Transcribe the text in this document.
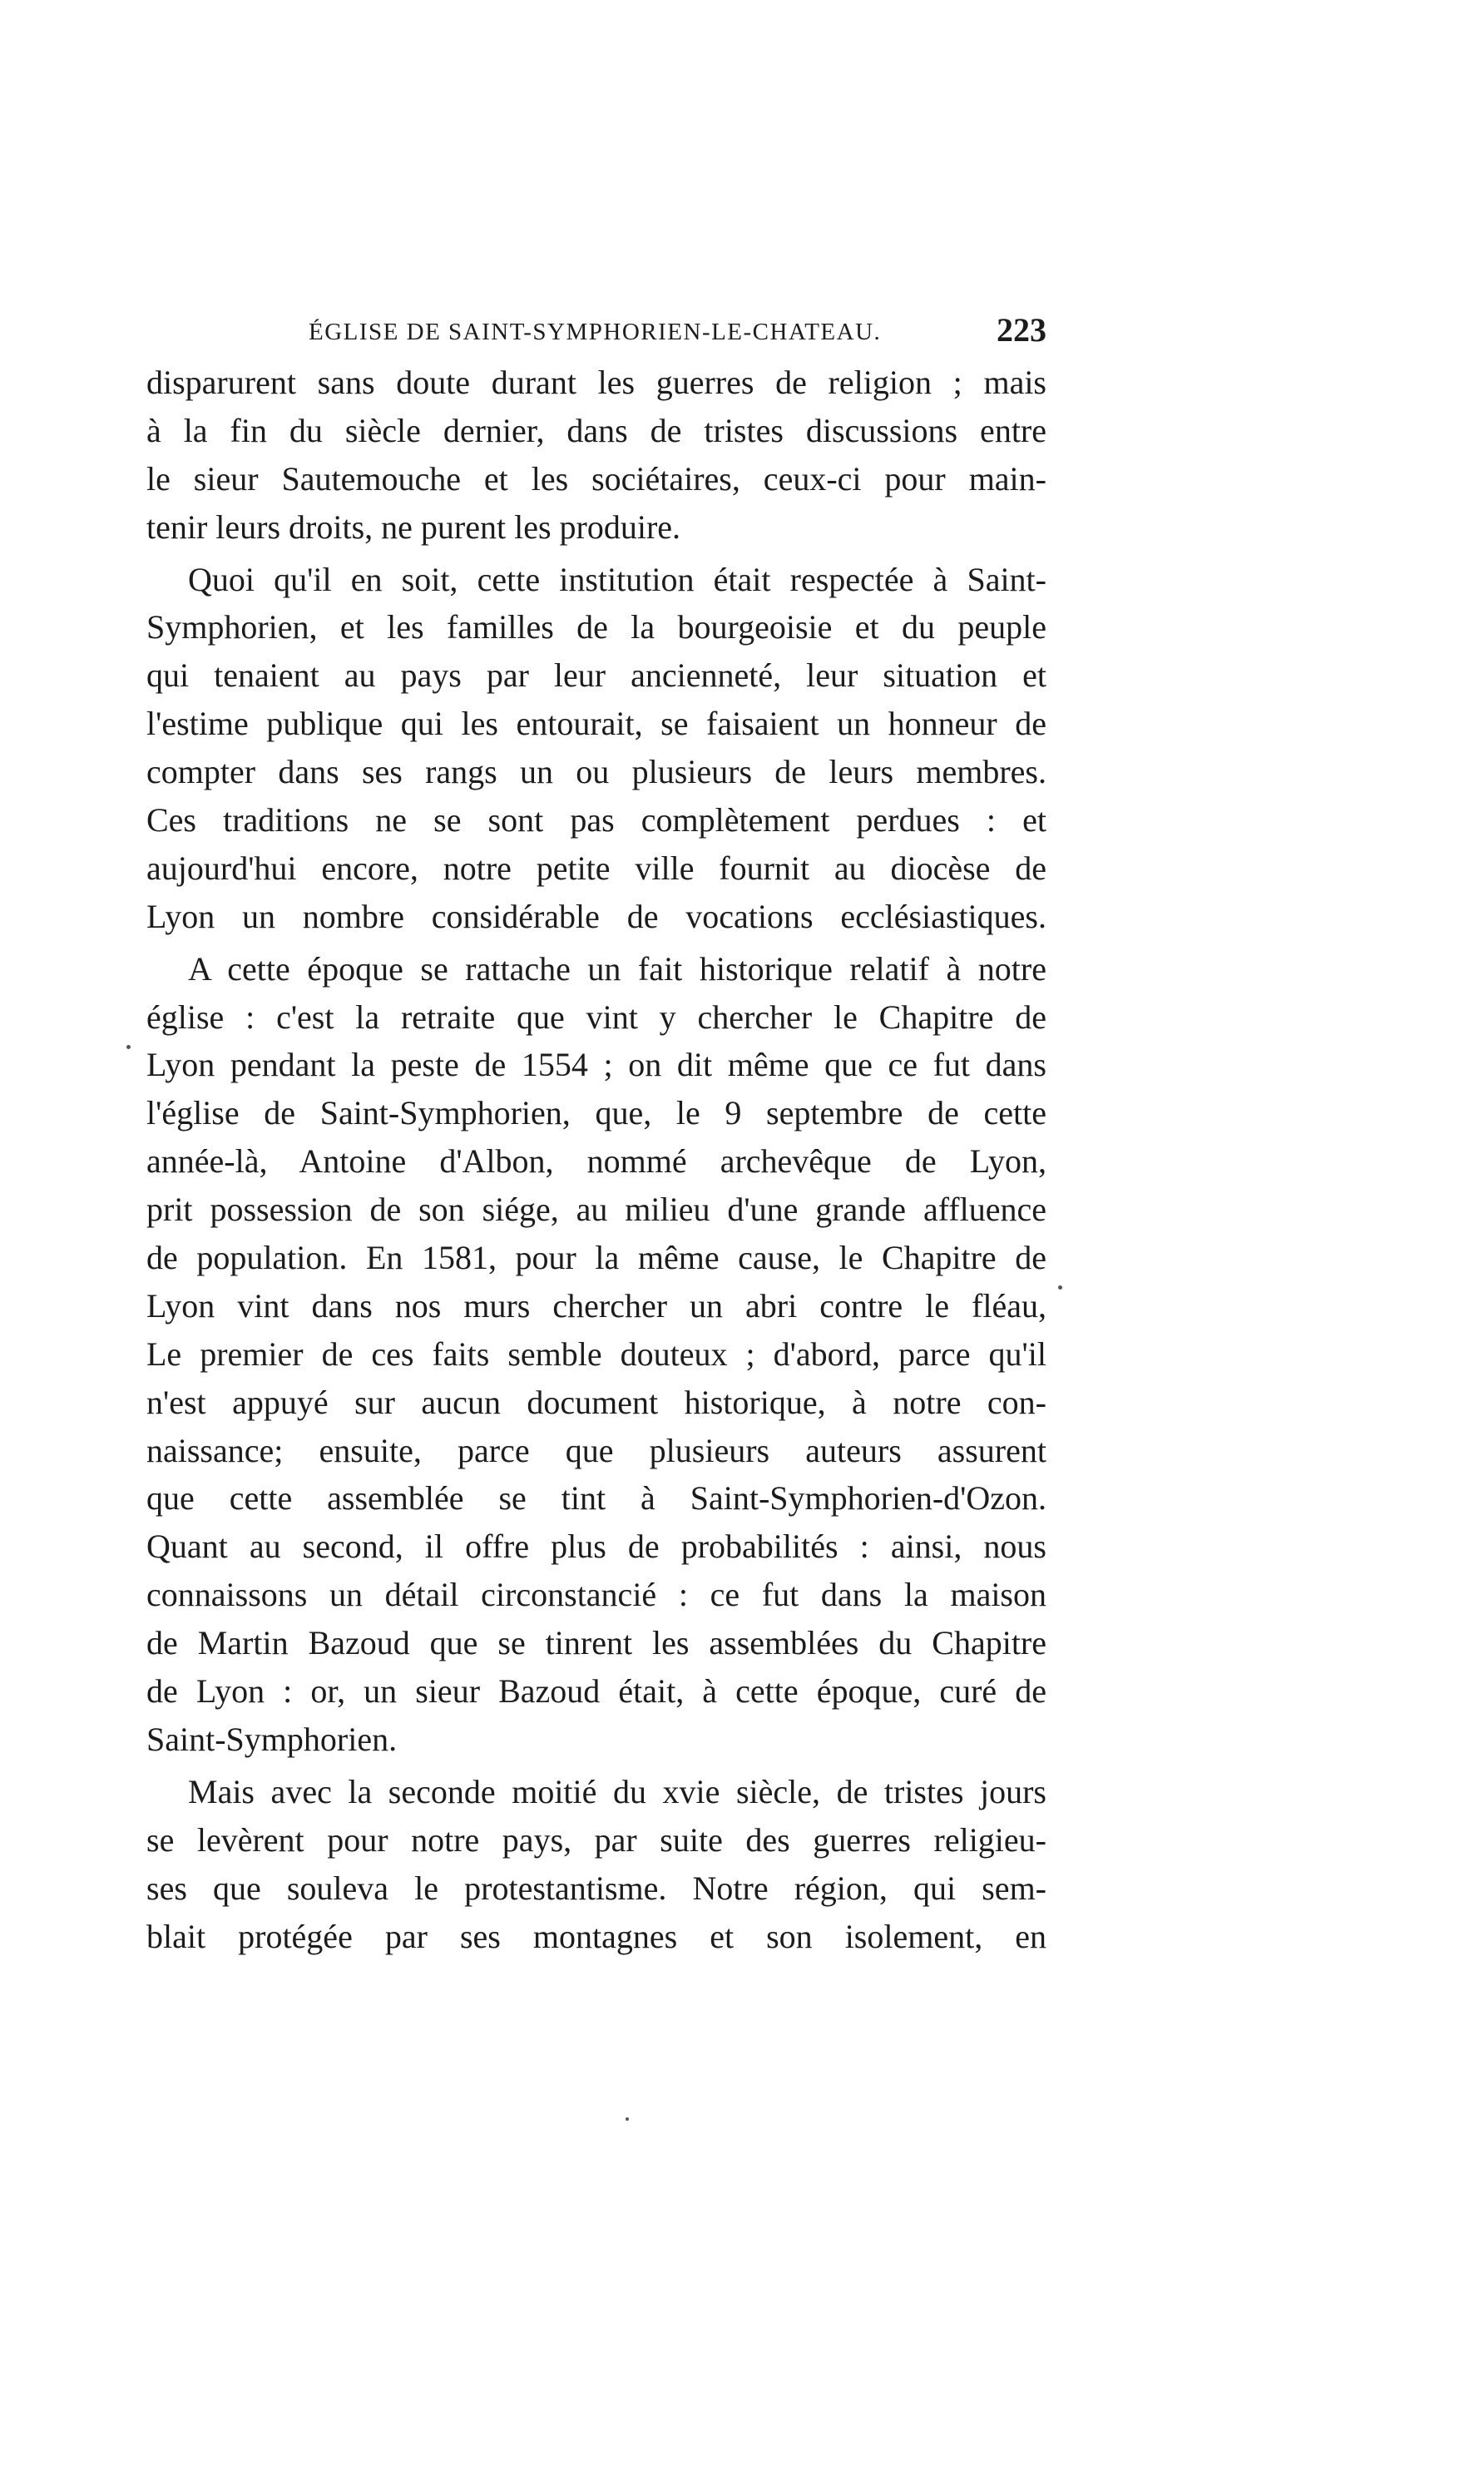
ÉGLISE DE SAINT-SYMPHORIEN-LE-CHATEAU.	223
disparurent sans doute durant les guerres de religion ; mais
à la fin du siècle dernier, dans de tristes discussions entre
le sieur Sautemouche et les sociétaires, ceux-ci pour main-
tenir leurs droits, ne purent les produire.
Quoi qu'il en soit, cette institution était respectée à Saint-
Symphorien, et les familles de la bourgeoisie et du peuple
qui tenaient au pays par leur ancienneté, leur situation et
l'estime publique qui les entourait, se faisaient un honneur de
compter dans ses rangs un ou plusieurs de leurs membres.
Ces traditions ne se sont pas complètement perdues : et
aujourd'hui encore, notre petite ville fournit au diocèse de
Lyon un nombre considérable de vocations ecclésiastiques.
A cette époque se rattache un fait historique relatif à notre
église : c'est la retraite que vint y chercher le Chapitre de
Lyon pendant la peste de 1554 ; on dit même que ce fut dans
l'église de Saint-Symphorien, que, le 9 septembre de cette
année-là, Antoine d'Albon, nommé archevêque de Lyon,
prit possession de son siége, au milieu d'une grande affluence
de population. En 1581, pour la même cause, le Chapitre de
Lyon vint dans nos murs chercher un abri contre le fléau,
Le premier de ces faits semble douteux ; d'abord, parce qu'il
n'est appuyé sur aucun document historique, à notre con-
naissance; ensuite, parce que plusieurs auteurs assurent
que cette assemblée se tint à Saint-Symphorien-d'Ozon.
Quant au second, il offre plus de probabilités : ainsi, nous
connaissons un détail circonstancié : ce fut dans la maison
de Martin Bazoud que se tinrent les assemblées du Chapitre
de Lyon : or, un sieur Bazoud était, à cette époque, curé de
Saint-Symphorien.
Mais avec la seconde moitié du xvie siècle, de tristes jours
se levèrent pour notre pays, par suite des guerres religieu-
ses que souleva le protestantisme. Notre région, qui sem-
blait protégée par ses montagnes et son isolement, en
